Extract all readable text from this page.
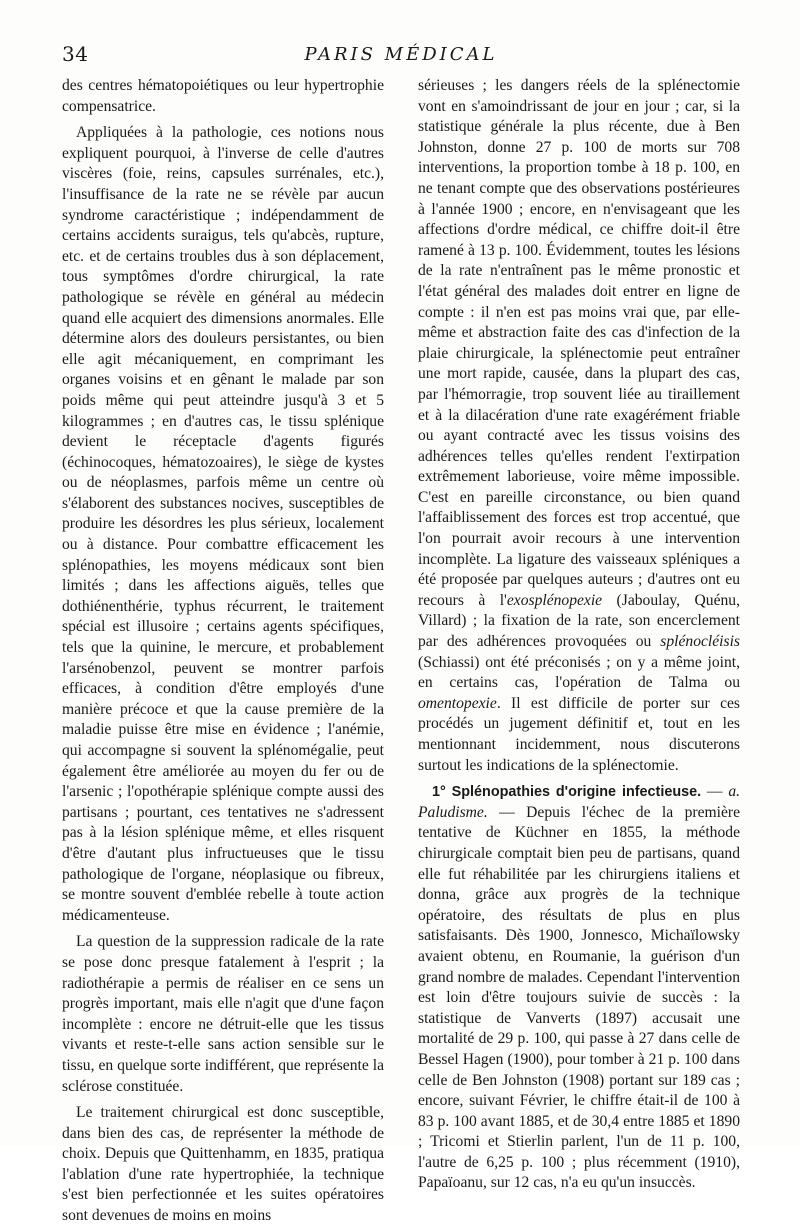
34	PARIS MÉDICAL

des centres hématopoiétiques ou leur hypertrophie compensatrice.

Appliquées à la pathologie, ces notions nous expliquent pourquoi, à l'inverse de celle d'autres viscères (foie, reins, capsules surrénales, etc.), l'insuffisance de la rate ne se révèle par aucun syndrome caractéristique ; indépendamment de certains accidents suraigus, tels qu'abcès, rupture, etc. et de certains troubles dus à son déplacement, tous symptômes d'ordre chirurgical, la rate pathologique se révèle en général au médecin quand elle acquiert des dimensions anormales. Elle détermine alors des douleurs persistantes, ou bien elle agit mécaniquement, en comprimant les organes voisins et en gênant le malade par son poids même qui peut atteindre jusqu'à 3 et 5 kilogrammes ; en d'autres cas, le tissu splénique devient le réceptacle d'agents figurés (échinocoques, hématozoaires), le siège de kystes ou de néoplasmes, parfois même un centre où s'élaborent des substances nocives, susceptibles de produire les désordres les plus sérieux, localement ou à distance. Pour combattre efficacement les splénopathies, les moyens médicaux sont bien limités ; dans les affections aiguës, telles que dothiénenthérie, typhus récurrent, le traitement spécial est illusoire ; certains agents spécifiques, tels que la quinine, le mercure, et probablement l'arsénobenzol, peuvent se montrer parfois efficaces, à condition d'être employés d'une manière précoce et que la cause première de la maladie puisse être mise en évidence ; l'anémie, qui accompagne si souvent la splénomégalie, peut également être améliorée au moyen du fer ou de l'arsenic ; l'opothérapie splénique compte aussi des partisans ; pourtant, ces tentatives ne s'adressent pas à la lésion splénique même, et elles risquent d'être d'autant plus infructueuses que le tissu pathologique de l'organe, néoplasique ou fibreux, se montre souvent d'emblée rebelle à toute action médicamenteuse.

La question de la suppression radicale de la rate se pose donc presque fatalement à l'esprit ; la radiothérapie a permis de réaliser en ce sens un progrès important, mais elle n'agit que d'une façon incomplète : encore ne détruit-elle que les tissus vivants et reste-t-elle sans action sensible sur le tissu, en quelque sorte indifférent, que représente la sclérose constituée.

Le traitement chirurgical est donc susceptible, dans bien des cas, de représenter la méthode de choix. Depuis que Quittenhamm, en 1835, pratiqua l'ablation d'une rate hypertrophiée, la technique s'est bien perfectionnée et les suites opératoires sont devenues de moins en moins

sérieuses ; les dangers réels de la splénectomie vont en s'amoindrissant de jour en jour ; car, si la statistique générale la plus récente, due à Ben Johnston, donne 27 p. 100 de morts sur 708 interventions, la proportion tombe à 18 p. 100, en ne tenant compte que des observations postérieures à l'année 1900 ; encore, en n'envisageant que les affections d'ordre médical, ce chiffre doit-il être ramené à 13 p. 100. Évidemment, toutes les lésions de la rate n'entraînent pas le même pronostic et l'état général des malades doit entrer en ligne de compte : il n'en est pas moins vrai que, par elle-même et abstraction faite des cas d'infection de la plaie chirurgicale, la splénectomie peut entraîner une mort rapide, causée, dans la plupart des cas, par l'hémorragie, trop souvent liée au tiraillement et à la dilacération d'une rate exagérément friable ou ayant contracté avec les tissus voisins des adhérences telles qu'elles rendent l'extirpation extrêmement laborieuse, voire même impossible. C'est en pareille circonstance, ou bien quand l'affaiblissement des forces est trop accentué, que l'on pourrait avoir recours à une intervention incomplète. La ligature des vaisseaux spléniques a été proposée par quelques auteurs ; d'autres ont eu recours à l'exosplénopexie (Jaboulay, Quénu, Villard) ; la fixation de la rate, son encerclement par des adhérences provoquées ou splénocléisis (Schiassi) ont été préconisés ; on y a même joint, en certains cas, l'opération de Talma ou omentopexie. Il est difficile de porter sur ces procédés un jugement définitif et, tout en les mentionnant incidemment, nous discuterons surtout les indications de la splénectomie.

1° Splénopathies d'origine infectieuse. — a. Paludisme. — Depuis l'échec de la première tentative de Küchner en 1855, la méthode chirurgicale comptait bien peu de partisans, quand elle fut réhabilitée par les chirurgiens italiens et donna, grâce aux progrès de la technique opératoire, des résultats de plus en plus satisfaisants. Dès 1900, Jonnesco, Michaïlowsky avaient obtenu, en Roumanie, la guérison d'un grand nombre de malades. Cependant l'intervention est loin d'être toujours suivie de succès : la statistique de Vanverts (1897) accusait une mortalité de 29 p. 100, qui passe à 27 dans celle de Bessel Hagen (1900), pour tomber à 21 p. 100 dans celle de Ben Johnston (1908) portant sur 189 cas ; encore, suivant Février, le chiffre était-il de 100 à 83 p. 100 avant 1885, et de 30,4 entre 1885 et 1890 ; Tricomi et Stierlin parlent, l'un de 11 p. 100, l'autre de 6,25 p. 100 ; plus récemment (1910), Papaïoanu, sur 12 cas, n'a eu qu'un insuccès.
